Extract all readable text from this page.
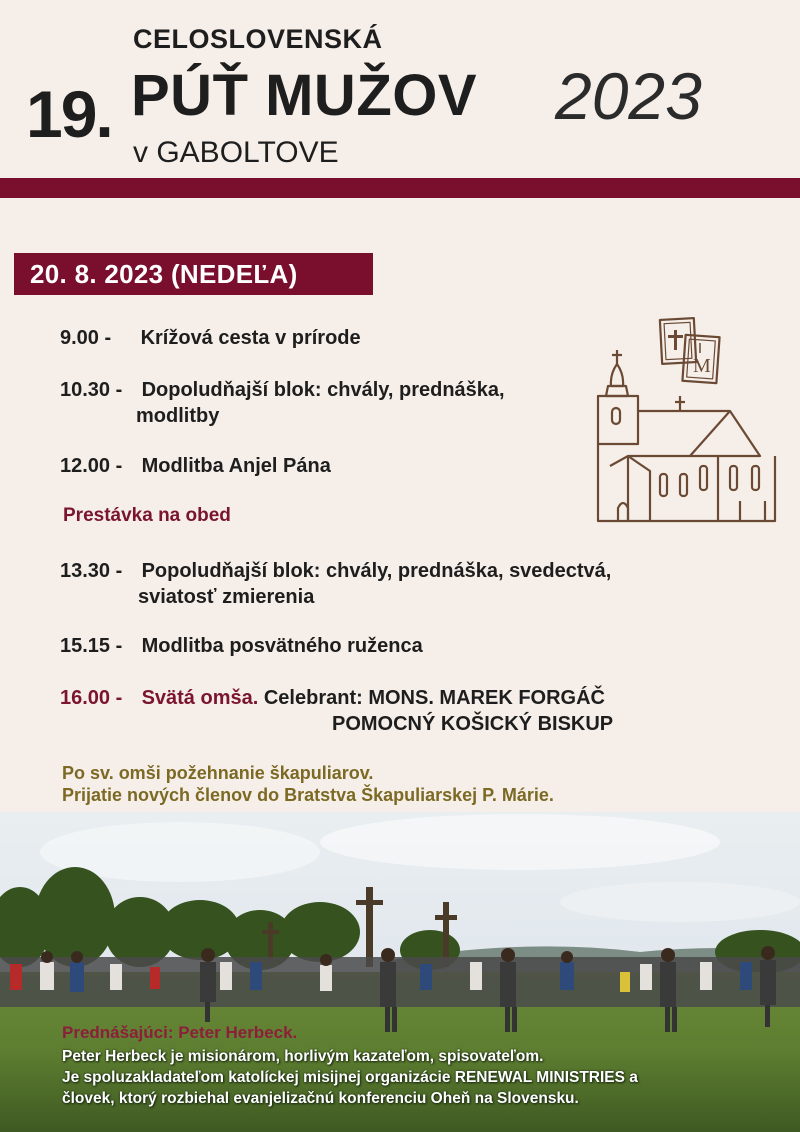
CELOSLOVENSKÁ
19. PÚŤ MUŽOV
v GABOLTOVE
2023
20. 8. 2023 (NEDEĽA)
9.00 - Krížová cesta v prírode
10.30 - Dopoludňajší blok: chvály, prednáška,
modlitby
12.00 - Modlitba Anjel Pána
Prestávka na obed
13.30 - Popoludňajší blok: chvály, prednáška, svedectvá,
sviatosť zmierenia
15.15 - Modlitba posvätného ruženca
16.00 - Svätá omša. Celebrant: MONS. MAREK FORGÁČ
POMOCNÝ KOŠICKÝ BISKUP
Po sv. omši požehnanie škapuliarov.
Prijatie nových členov do Bratstva Škapuliarskej P. Márie.
M
Prednášajúci: Peter Herbeck.
Peter Herbeck je misionárom, horlivým kazateľom, spisovateľom.
Je spoluzakladateľom katolíckej misijnej organizácie RENEWAL MINISTRIES a
človek, ktorý rozbiehal evanjelizačnú konferenciu Oheň na Slovensku.
